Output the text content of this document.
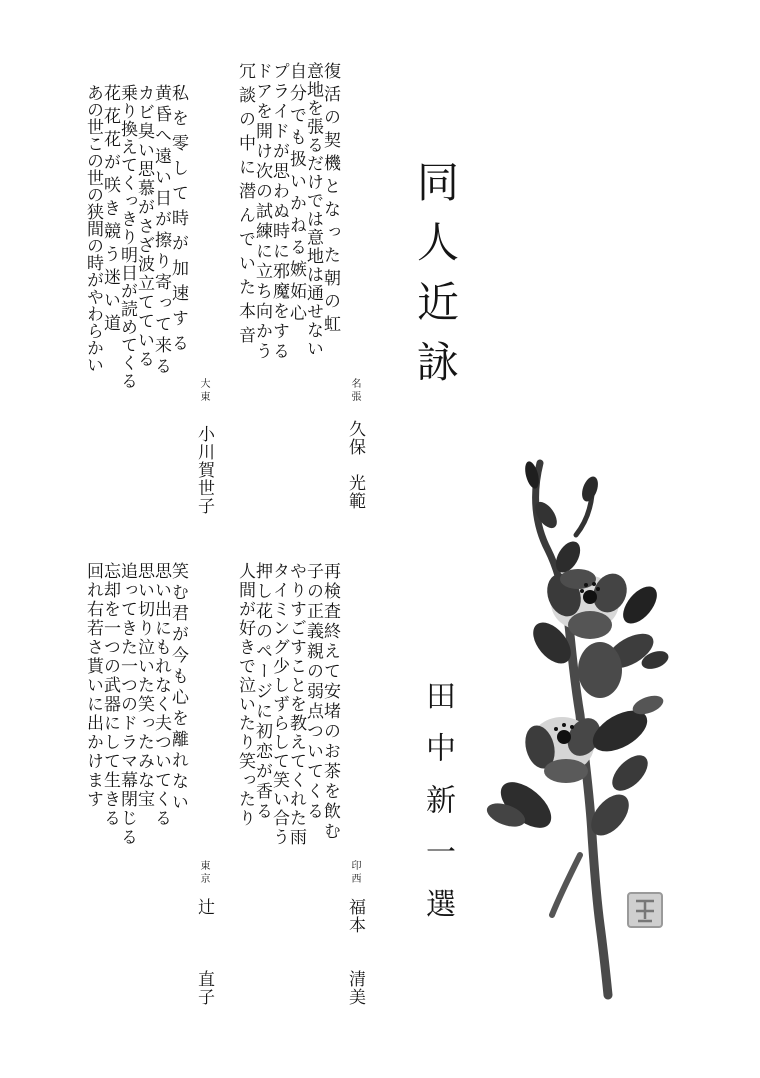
同人近詠
復活の契機となった朝の虹
意地を張るだけでは意地は通せない
自分でも扱いかねる嫉妬心
プライドが思わぬ時に邪魔をする
ドアを開け次の試練に立ち向かう
冗談の中に潜んでいた本音
名張
久保　光範
私を零して時が加速する
黄昏へ遠い日が擦り寄って来る
カビ臭い思慕がさざ波立てている
乗り換えてくっきり明日が読めてくる
花花花が咲き競う迷い道
あの世この世の狭間の時がやわらかい
大東
小川賀世子
再検査終えて安堵のお茶を飲む
子の正義親の弱点ついてくる
やりすごすことを教えてくれた雨
タイミング少しずらして笑い合う
押し花のページに初恋が香る
人間が好きで泣いたり笑ったり
印西
福本　　清美
笑む君が今も心を離れない
思い出にもれなく夫ついてくる
思い切り泣いた笑ったみな宝
追ってきた一つのドラマ幕閉じる
忘却を一つの武器にして生きる
回れ右若さ貰いに出かけます
東京
辻　　　直子
田中新一選
